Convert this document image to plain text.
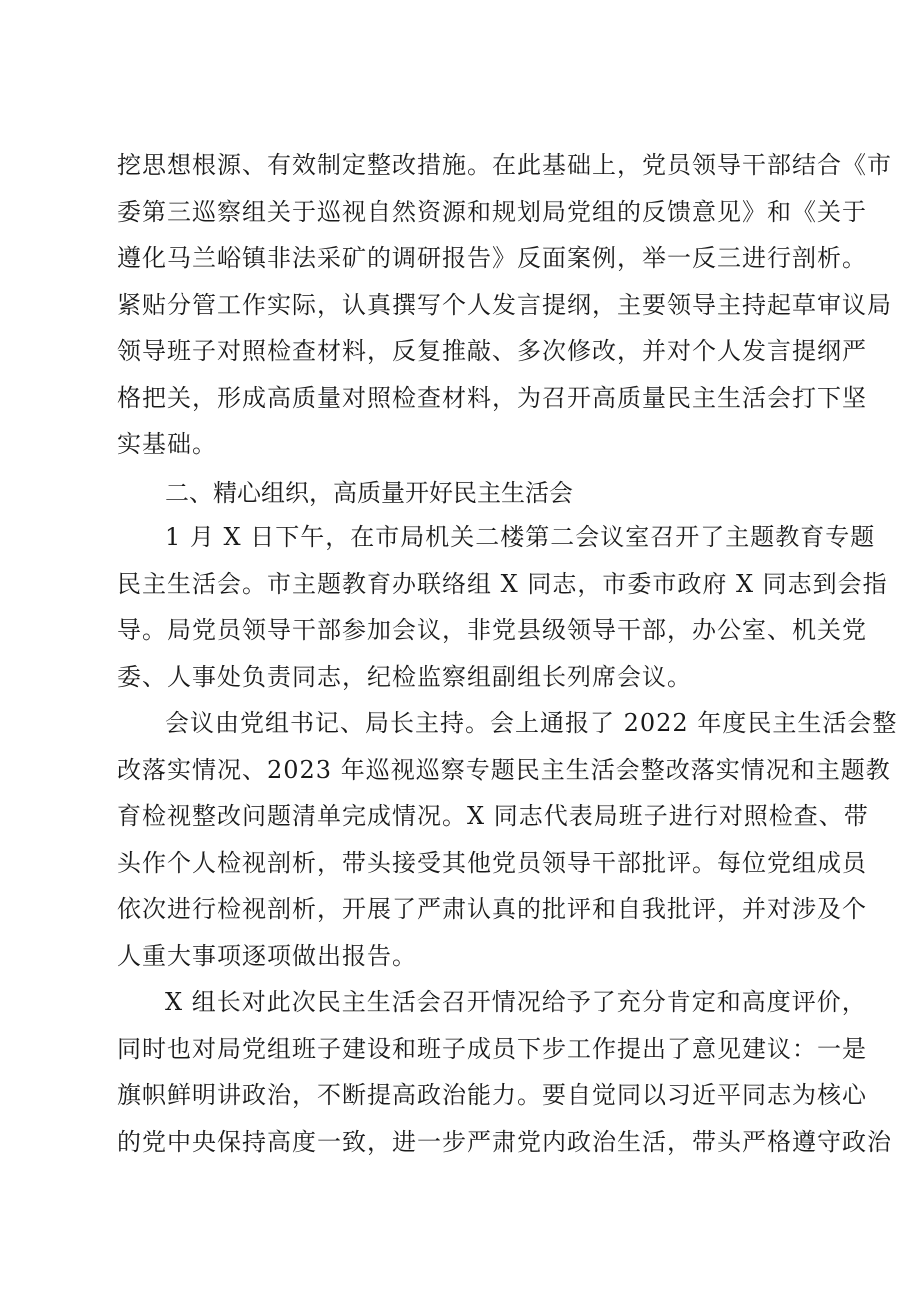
挖思想根源、有效制定整改措施。在此基础上，党员领导干部结合《市
委第三巡察组关于巡视自然资源和规划局党组的反馈意见》和《关于
遵化马兰峪镇非法采矿的调研报告》反面案例，举一反三进行剖析。
紧贴分管工作实际，认真撰写个人发言提纲，主要领导主持起草审议局
领导班子对照检查材料，反复推敲、多次修改，并对个人发言提纲严
格把关，形成高质量对照检查材料，为召开高质量民主生活会打下坚
实基础。
二、精心组织，高质量开好民主生活会
1 月 X 日下午，在市局机关二楼第二会议室召开了主题教育专题
民主生活会。市主题教育办联络组 X 同志，市委市政府 X 同志到会指
导。局党员领导干部参加会议，非党县级领导干部，办公室、机关党
委、人事处负责同志，纪检监察组副组长列席会议。
会议由党组书记、局长主持。会上通报了 2022 年度民主生活会整
改落实情况、2023 年巡视巡察专题民主生活会整改落实情况和主题教
育检视整改问题清单完成情况。X 同志代表局班子进行对照检查、带
头作个人检视剖析，带头接受其他党员领导干部批评。每位党组成员
依次进行检视剖析，开展了严肃认真的批评和自我批评，并对涉及个
人重大事项逐项做出报告。
X 组长对此次民主生活会召开情况给予了充分肯定和高度评价，
同时也对局党组班子建设和班子成员下步工作提出了意见建议：一是
旗帜鲜明讲政治，不断提高政治能力。要自觉同以习近平同志为核心
的党中央保持高度一致，进一步严肃党内政治生活，带头严格遵守政治
